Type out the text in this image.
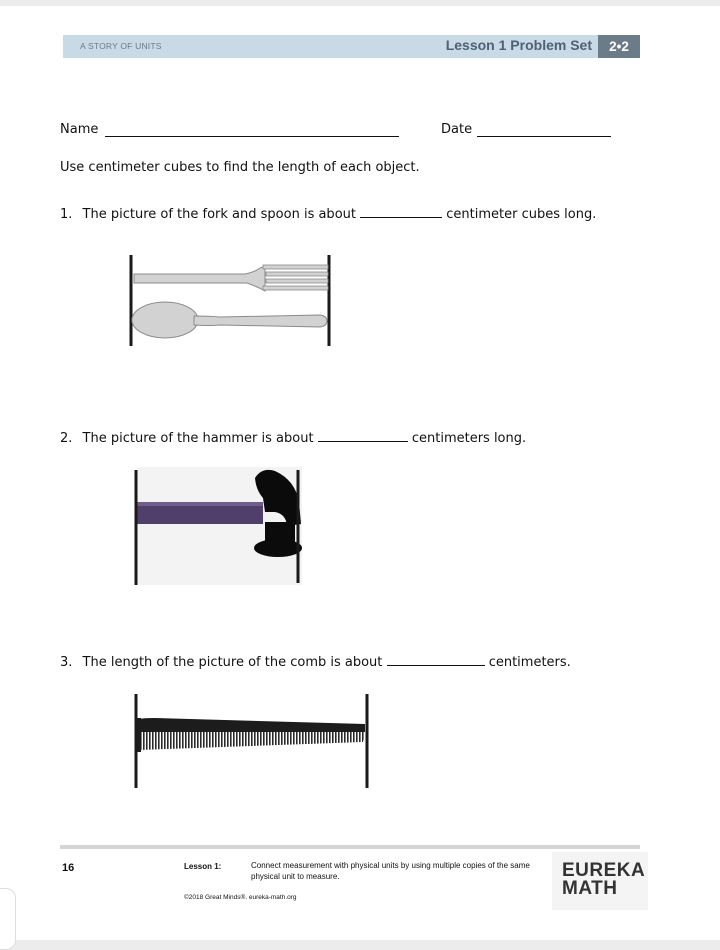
A STORY OF UNITS	Lesson 1 Problem Set	2•2
Name	Date
Use centimeter cubes to find the length of each object.
1. The picture of the fork and spoon is about	centimeter cubes long.
2. The picture of the hammer is about	centimeters long.
3. The length of the picture of the comb is about	centimeters.
16	Lesson 1:	Connect measurement with physical units by using multiple copies of the same physical unit to measure.
©2018 Great Minds®. eureka-math.org
EUREKA
MATH
